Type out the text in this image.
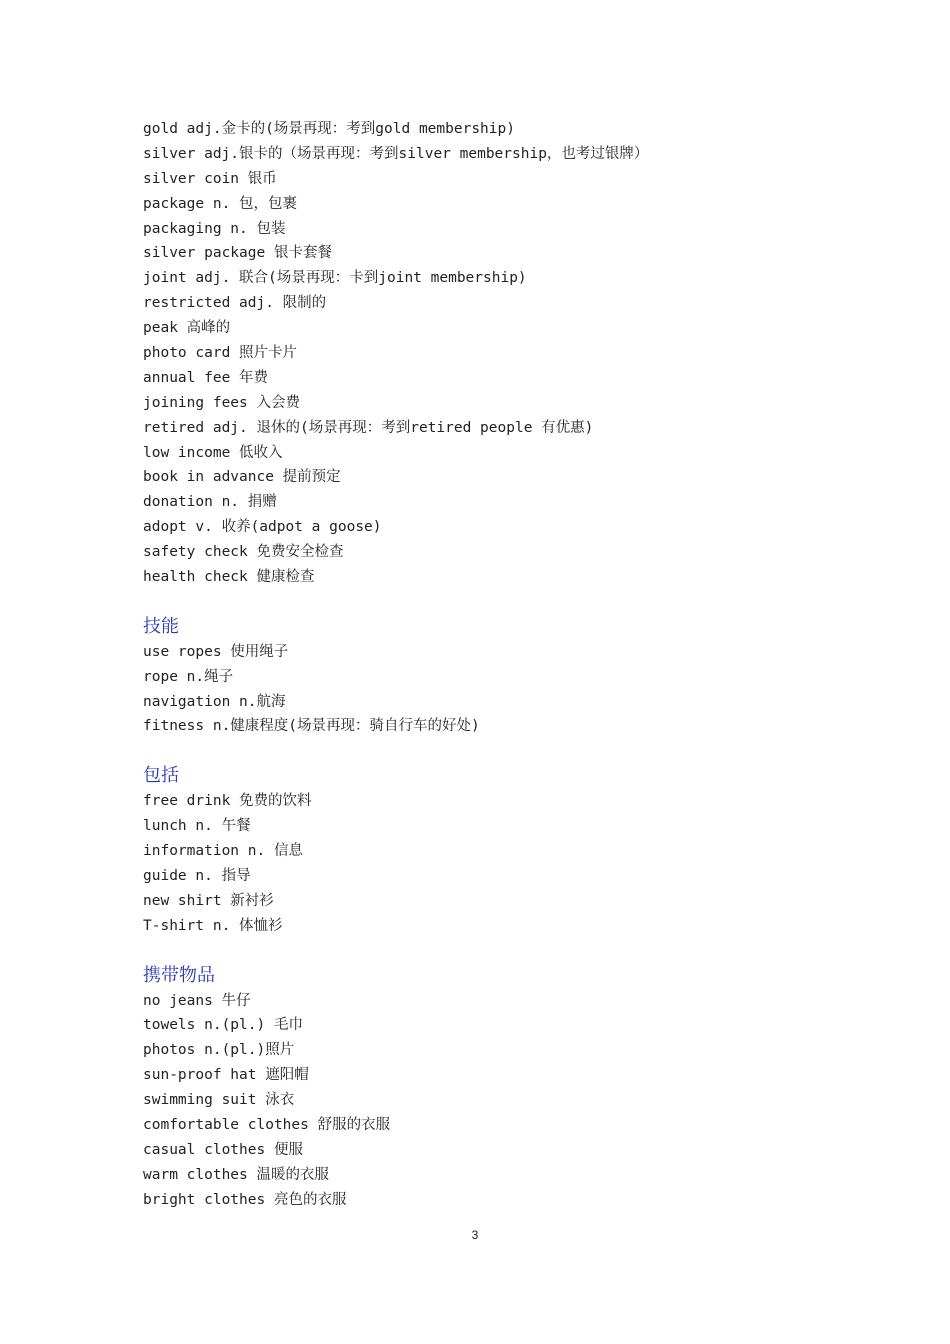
gold adj.金卡的(场景再现：考到gold membership)
silver adj.银卡的（场景再现：考到silver membership，也考过银牌）
silver coin 银币
package n. 包，包裹
packaging n. 包装
silver package 银卡套餐
joint adj. 联合(场景再现：卡到joint membership)
restricted adj. 限制的
peak 高峰的
photo card 照片卡片
annual fee 年费
joining fees 入会费
retired adj. 退休的(场景再现：考到retired people 有优惠)
low income 低收入
book in advance 提前预定
donation n. 捐赠
adopt v. 收养(adpot a goose)
safety check 免费安全检查
health check 健康检查
技能
use ropes 使用绳子
rope n.绳子
navigation n.航海
fitness n.健康程度(场景再现：骑自行车的好处)
包括
free drink 免费的饮料
lunch n. 午餐
information n. 信息
guide n. 指导
new shirt 新衬衫
T-shirt n. 体恤衫
携带物品
no jeans 牛仔
towels n.(pl.) 毛巾
photos n.(pl.)照片
sun-proof hat 遮阳帽
swimming suit 泳衣
comfortable clothes 舒服的衣服
casual clothes 便服
warm clothes 温暖的衣服
bright clothes 亮色的衣服
3
